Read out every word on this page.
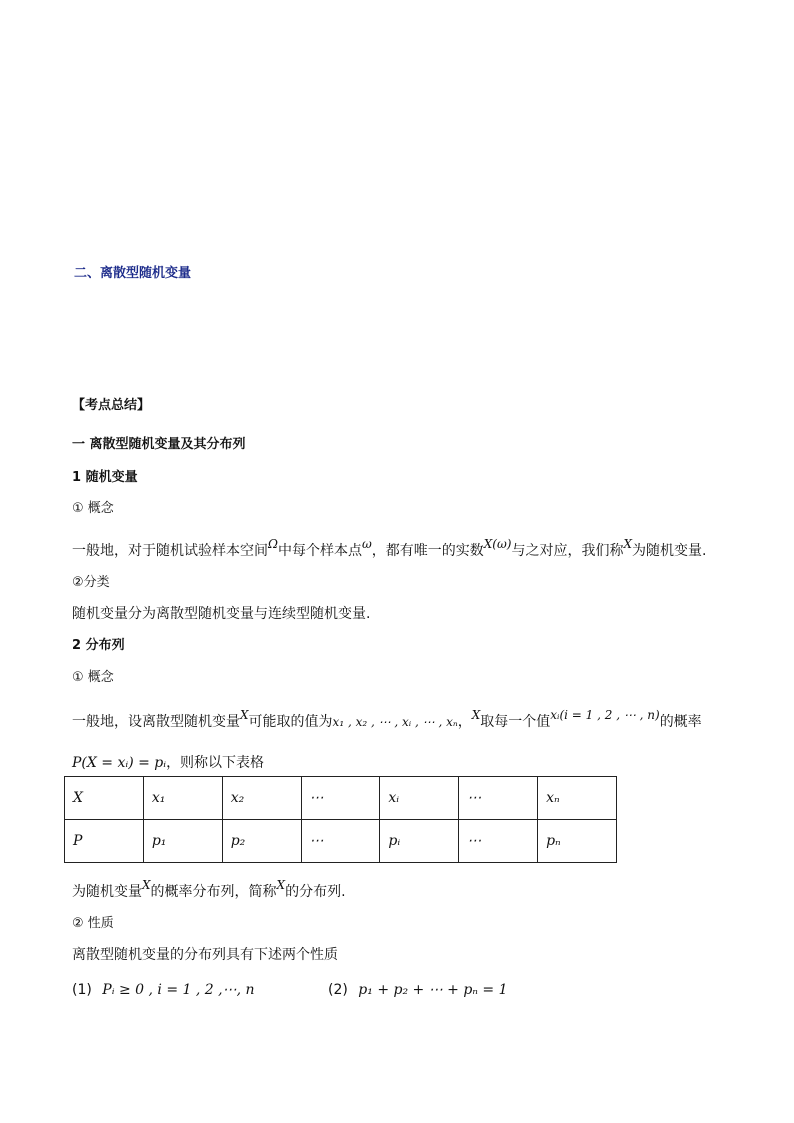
二、离散型随机变量
【考点总结】
一 离散型随机变量及其分布列
1 随机变量
① 概念
一般地，对于随机试验样本空间Ω中每个样本点ω，都有唯一的实数X(ω)与之对应，我们称X为随机变量.
②分类
随机变量分为离散型随机变量与连续型随机变量.
2 分布列
① 概念
一般地，设离散型随机变量X可能取的值为x₁ , x₂ , ⋯ , xᵢ , ⋯ , xₙ，X取每一个值xᵢ(i = 1 , 2 , ⋯ , n)的概率
P(X = xᵢ) = pᵢ，则称以下表格
X	x₁	x₂	⋯	xᵢ	⋯	xₙ
P	p₁	p₂	⋯	pᵢ	⋯	pₙ
为随机变量X的概率分布列，简称X的分布列.
② 性质
离散型随机变量的分布列具有下述两个性质
(1) Pᵢ ≥ 0 , i = 1 , 2 ,⋯, n	(2) p₁ + p₂ + ⋯ + pₙ = 1
